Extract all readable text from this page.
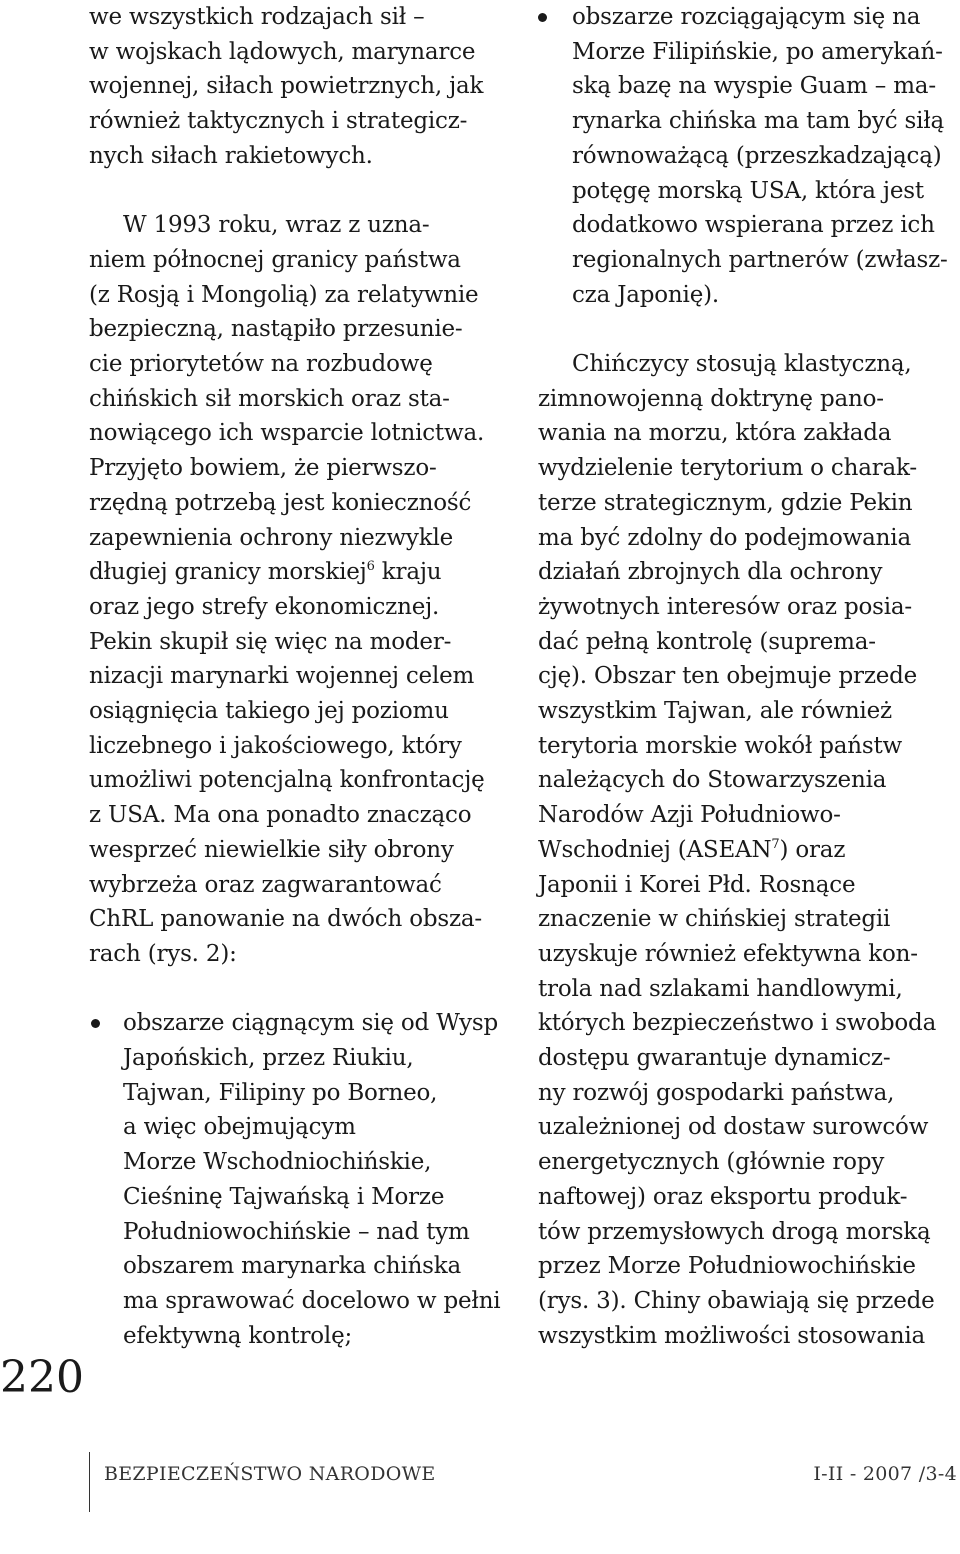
we wszystkich rodzajach sił –

w wojskach lądowych, marynarce

wojennej, siłach powietrznych, jak

również taktycznych i strategicz-

nych siłach rakietowych.

W 1993 roku, wraz z uzna-

niem północnej granicy państwa

(z Rosją i Mongolią) za relatywnie

bezpieczną, nastąpiło przesunie-

cie priorytetów na rozbudowę

chińskich sił morskich oraz sta-

nowiącego ich wsparcie lotnictwa.

Przyjęto bowiem, że pierwszo-

rzędną potrzebą jest konieczność

zapewnienia ochrony niezwykle

długiej granicy morskiej$^6$ kraju

oraz jego strefy ekonomicznej.

Pekin skupił się więc na moder-

nizacji marynarki wojennej celem

osiągnięcia takiego jej poziomu

liczebnego i jakościowego, który

umożliwi potencjalną konfrontację

z USA. Ma ona ponadto znacząco

wesprzeć niewielkie siły obrony

wybrzeża oraz zagwarantować

ChRL panowanie na dwóch obsza-

rach (rys. 2):

obszarze ciągnącym się od Wysp

Japońskich, przez Riukiu,

Tajwan, Filipiny po Borneo,

a więc obejmującym

Morze Wschodniochińskie,

Cieśninę Tajwańską i Morze

Południowochińskie – nad tym

obszarem marynarka chińska

ma sprawować docelowo w pełni

efektywną kontrolę;

obszarze rozciągającym się na

Morze Filipińskie, po amerykań-

ską bazę na wyspie Guam – ma-

rynarka chińska ma tam być siłą

równoważącą (przeszkadzającą)

potęgę morską USA, która jest

dodatkowo wspierana przez ich

regionalnych partnerów (zwłasz-

cza Japonię).

Chińczycy stosują klastyczną,

zimnowojenną doktrynę pano-

wania na morzu, która zakłada

wydzielenie terytorium o charak-

terze strategicznym, gdzie Pekin

ma być zdolny do podejmowania

działań zbrojnych dla ochrony

żywotnych interesów oraz posia-

dać pełną kontrolę (suprema-

cję). Obszar ten obejmuje przede

wszystkim Tajwan, ale również

terytoria morskie wokół państw

należących do Stowarzyszenia

Narodów Azji Południowo-

Wschodniej (ASEAN$^7$) oraz

Japonii i Korei Płd. Rosnące

znaczenie w chińskiej strategii

uzyskuje również efektywna kon-

trola nad szlakami handlowymi,

których bezpieczeństwo i swoboda

dostępu gwarantuje dynamicz-

ny rozwój gospodarki państwa,

uzależnionej od dostaw surowców

energetycznych (głównie ropy

naftowej) oraz eksportu produk-

tów przemysłowych drogą morską

przez Morze Południowochińskie

(rys. 3). Chiny obawiają się przede

wszystkim możliwości stosowania

220
BEZPIECZEŃSTWO NARODOWE	I-II - 2007 /3-4
